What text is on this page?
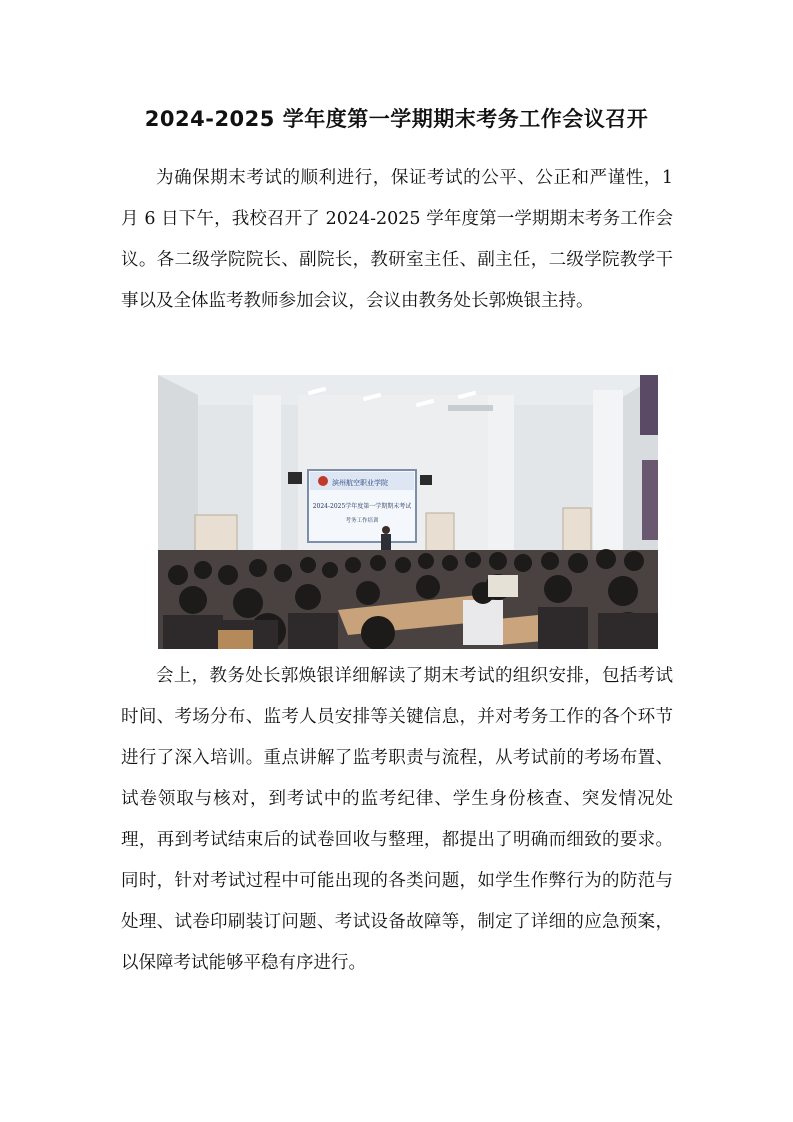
2024-2025 学年度第一学期期末考务工作会议召开

为确保期末考试的顺利进行，保证考试的公平、公正和严谨性，1 月 6 日下午，我校召开了 2024-2025 学年度第一学期期末考务工作会议。各二级学院院长、副院长，教研室主任、副主任，二级学院教学干事以及全体监考教师参加会议，会议由教务处长郭焕银主持。

滨州航空职业学院
2024-2025学年度第一学期期末考试
考务工作培训

会上，教务处长郭焕银详细解读了期末考试的组织安排，包括考试时间、考场分布、监考人员安排等关键信息，并对考务工作的各个环节进行了深入培训。重点讲解了监考职责与流程，从考试前的考场布置、试卷领取与核对，到考试中的监考纪律、学生身份核查、突发情况处理，再到考试结束后的试卷回收与整理，都提出了明确而细致的要求。同时，针对考试过程中可能出现的各类问题，如学生作弊行为的防范与处理、试卷印刷装订问题、考试设备故障等，制定了详细的应急预案，以保障考试能够平稳有序进行。
